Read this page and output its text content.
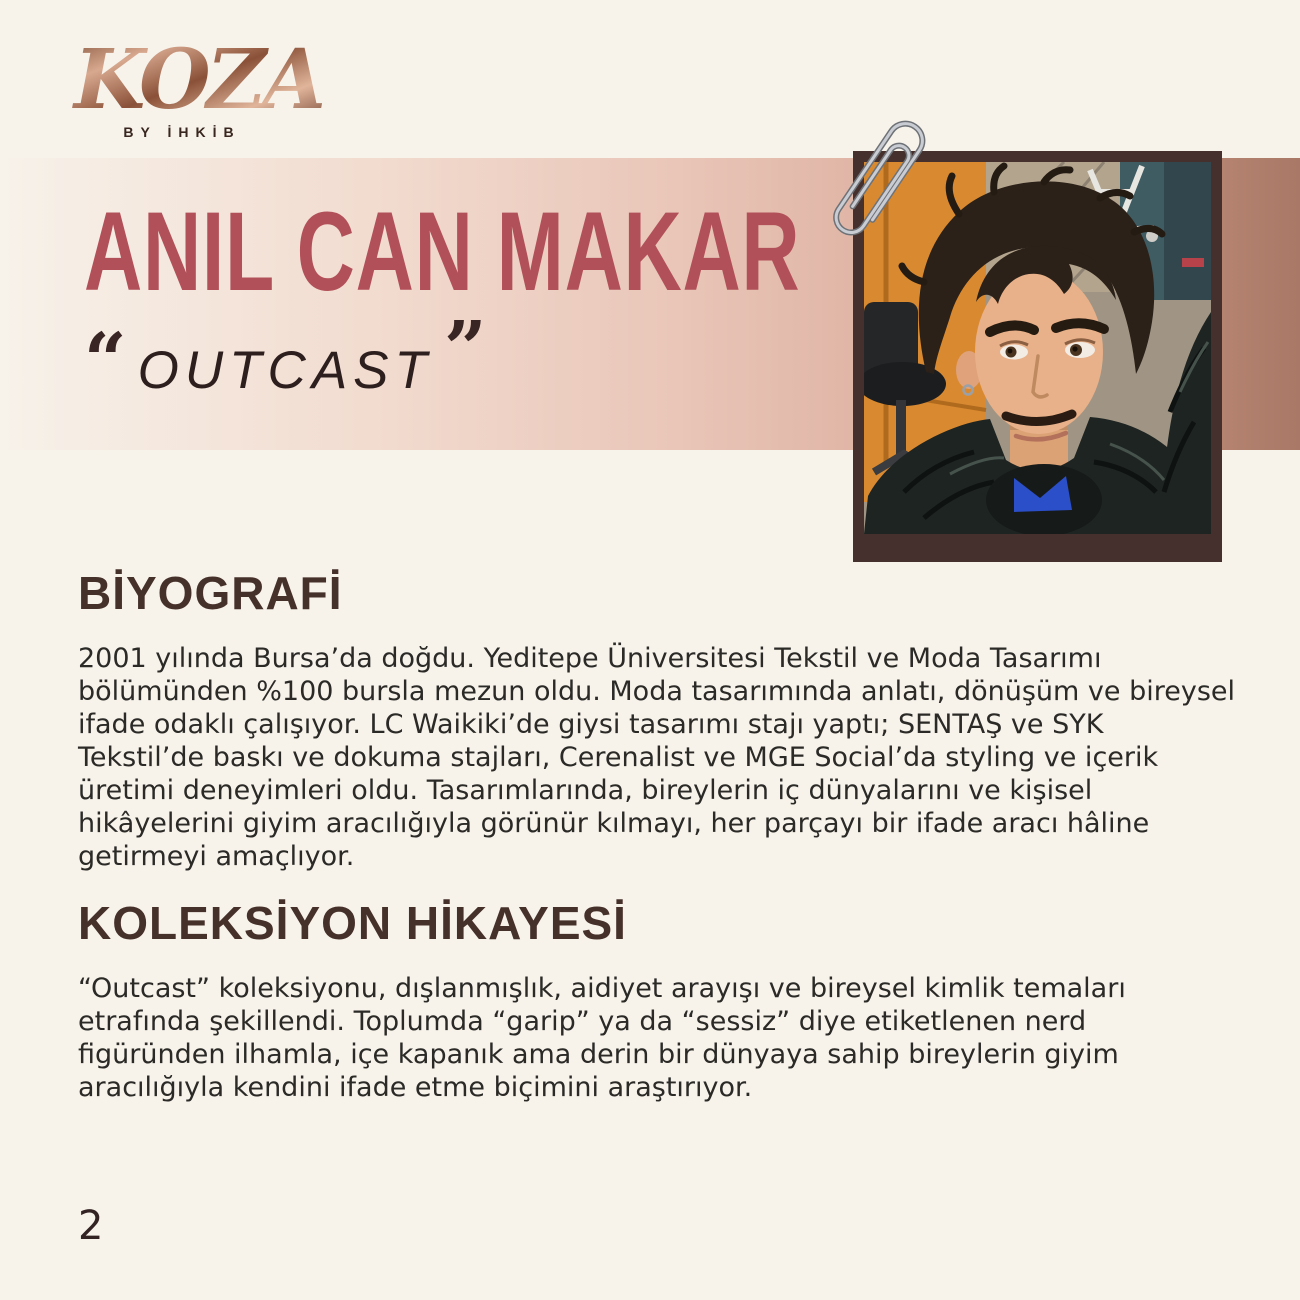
KOZA
BY İHKİB
ANIL CAN MAKAR
“ OUTCAST ”
BİYOGRAFİ

2001 yılında Bursa’da doğdu. Yeditepe Üniversitesi Tekstil ve Moda Tasarımı bölümünden %100 bursla mezun oldu. Moda tasarımında anlatı, dönüşüm ve bireysel ifade odaklı çalışıyor. LC Waikiki’de giysi tasarımı stajı yaptı; SENTAŞ ve SYK Tekstil’de baskı ve dokuma stajları, Cerenalist ve MGE Social’da styling ve içerik üretimi deneyimleri oldu. Tasarımlarında, bireylerin iç dünyalarını ve kişisel hikâyelerini giyim aracılığıyla görünür kılmayı, her parçayı bir ifade aracı hâline getirmeyi amaçlıyor.

KOLEKSİYON HİKAYESİ

“Outcast” koleksiyonu, dışlanmışlık, aidiyet arayışı ve bireysel kimlik temaları etrafında şekillendi. Toplumda “garip” ya da “sessiz” diye etiketlenen nerd figüründen ilhamla, içe kapanık ama derin bir dünyaya sahip bireylerin giyim aracılığıyla kendini ifade etme biçimini araştırıyor.

2
